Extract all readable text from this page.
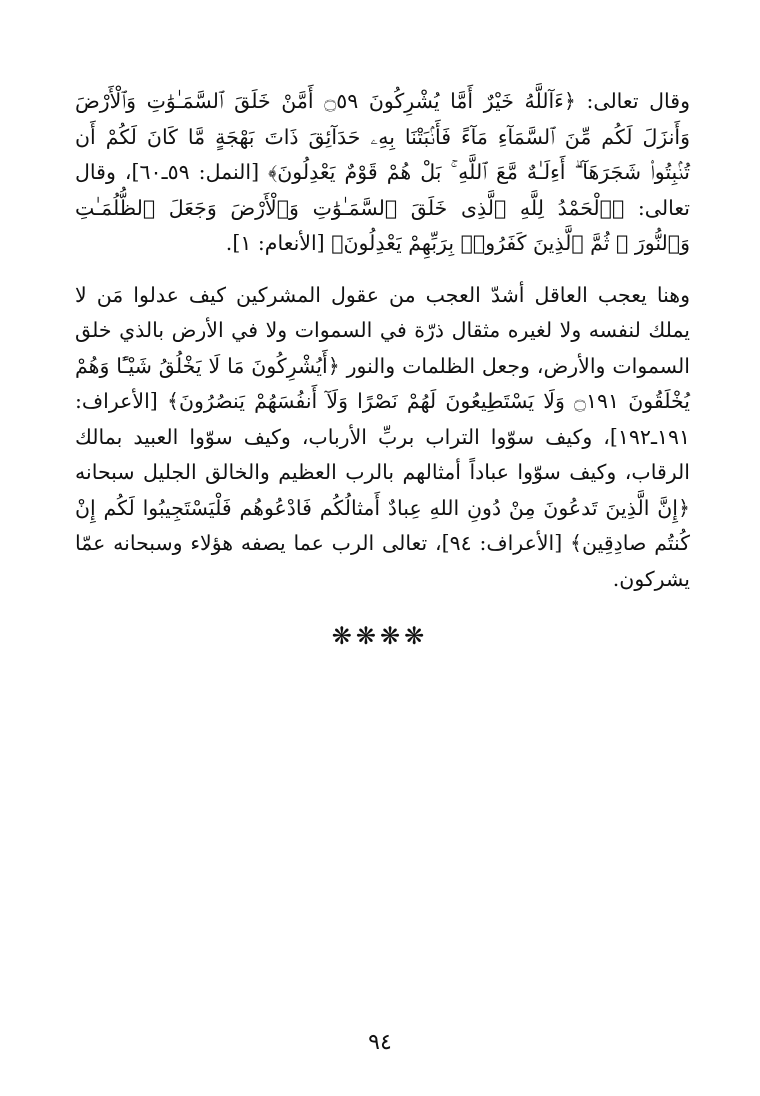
وقال تعالى: ﴿ءَآللَّهُ خَيْرٌ أَمَّا يُشْرِكُونَ ۝٥٩ أَمَّنْ خَلَقَ ٱلسَّمَـٰوَٰتِ وَٱلْأَرْضَ وَأَنزَلَ لَكُم مِّنَ ٱلسَّمَآءِ مَآءً فَأَنۢبَتْنَا بِهِۦ حَدَآئِقَ ذَاتَ بَهْجَةٍ مَّا كَانَ لَكُمْ أَن تُنۢبِتُوا۟ شَجَرَهَآ ۗ أَءِلَـٰهٌ مَّعَ ٱللَّهِ ۚ بَلْ هُمْ قَوْمٌ يَعْدِلُونَ﴾ [النمل: ٥٩ـ٦٠]، وقال تعالى: ﴿ٱلْحَمْدُ لِلَّهِ ٱلَّذِى خَلَقَ ٱلسَّمَـٰوَٰتِ وَٱلْأَرْضَ وَجَعَلَ ٱلظُّلُمَـٰتِ وَٱلنُّورَ ۖ ثُمَّ ٱلَّذِينَ كَفَرُوا۟ بِرَبِّهِمْ يَعْدِلُونَ﴾ [الأنعام: ١].

وهنا يعجب العاقل أشدّ العجب من عقول المشركين كيف عدلوا مَن لا يملك لنفسه ولا لغيره مثقال ذرّة في السموات ولا في الأرض بالذي خلق السموات والأرض، وجعل الظلمات والنور ﴿أَيُشْرِكُونَ مَا لَا يَخْلُقُ شَيْـًٔا وَهُمْ يُخْلَقُونَ ۝١٩١ وَلَا يَسْتَطِيعُونَ لَهُمْ نَصْرًا وَلَآ أَنفُسَهُمْ يَنصُرُونَ﴾ [الأعراف: ١٩١ـ١٩٢]، وكيف سوّوا التراب بربِّ الأرباب، وكيف سوّوا العبيد بمالك الرقاب، وكيف سوّوا عباداً أمثالهم بالرب العظيم والخالق الجليل سبحانه ﴿إِنَّ الَّذِينَ تَدعُونَ مِنْ دُونِ اللهِ عِبادٌ أَمثالُكُم فَادْعُوهُم فَلْيَسْتَجِيبُوا لَكُم إِنْ كُنتُم صادِقِين﴾ [الأعراف: ٩٤]، تعالى الرب عما يصفه هؤلاء وسبحانه عمّا يشركون.

❋❋❋❋
٩٤
